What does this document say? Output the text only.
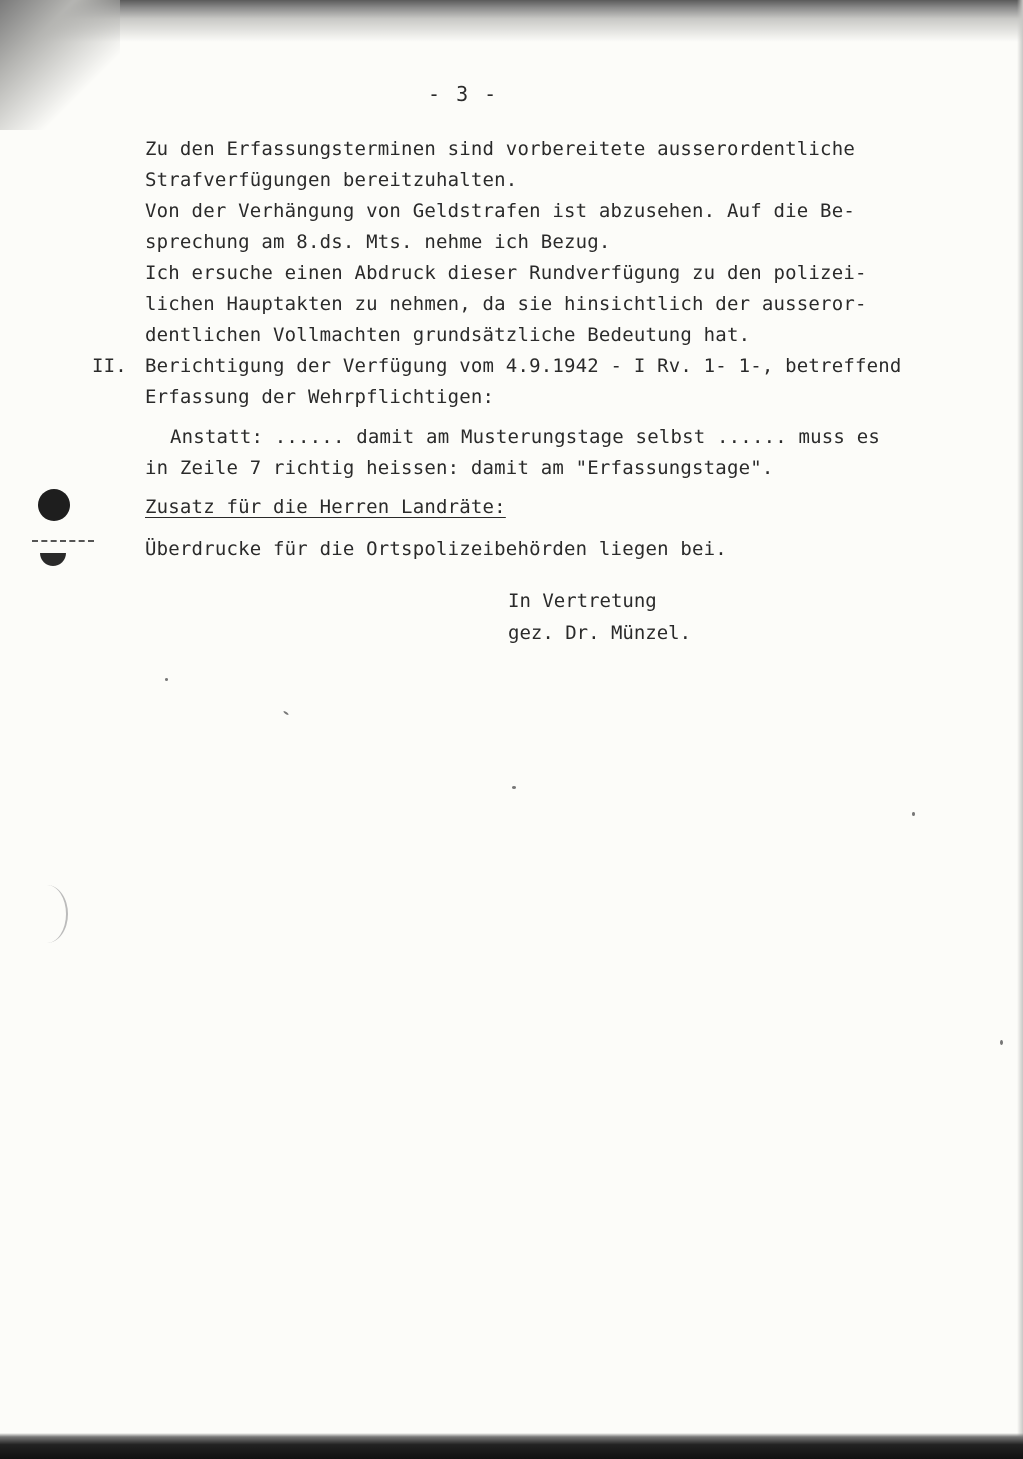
- 3 -
Zu den Erfassungsterminen sind vorbereitete ausserordentliche
Strafverfügungen bereitzuhalten.
Von der Verhängung von Geldstrafen ist abzusehen. Auf die Be-
sprechung am 8.ds. Mts. nehme ich Bezug.
Ich ersuche einen Abdruck dieser Rundverfügung zu den polizei-
lichen Hauptakten zu nehmen, da sie hinsichtlich der ausseror-
dentlichen Vollmachten grundsätzliche Bedeutung hat.
II. Berichtigung der Verfügung vom 4.9.1942 - I Rv. 1- 1-, betreffend
Erfassung der Wehrpflichtigen:
Anstatt: ...... damit am Musterungstage selbst ...... muss es
in Zeile 7 richtig heissen: damit am "Erfassungstage".
Zusatz für die Herren Landräte:
Überdrucke für die Ortspolizeibehörden liegen bei.
In Vertretung
gez. Dr. Münzel.
